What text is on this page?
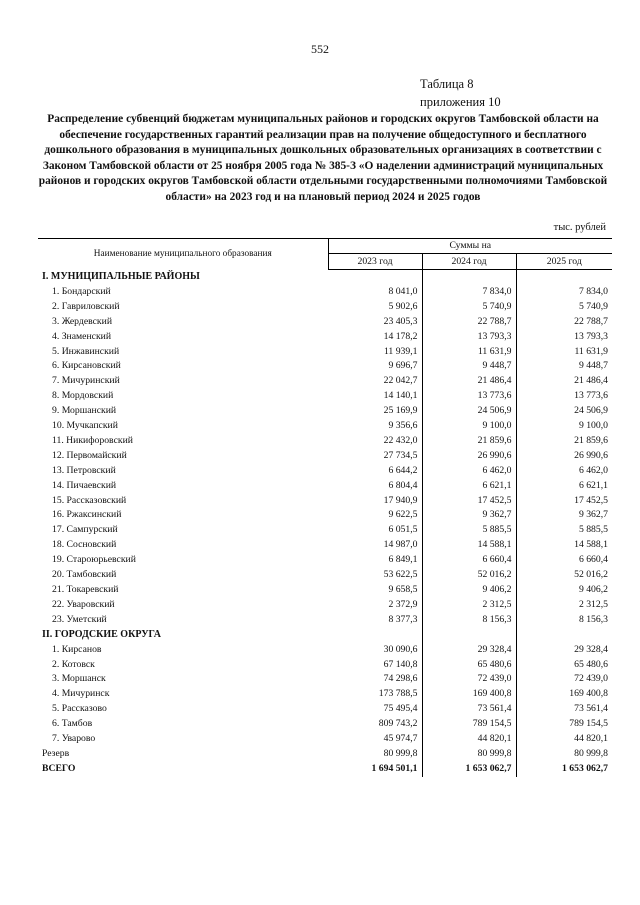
552
Таблица 8
приложения 10
Распределение субвенций бюджетам муниципальных районов и городских округов Тамбовской области на обеспечение государственных гарантий реализации прав на получение общедоступного и бесплатного дошкольного образования в муниципальных дошкольных образовательных организациях в соответствии с Законом Тамбовской области от 25 ноября 2005 года № 385-З «О наделении администраций муниципальных районов и городских округов Тамбовской области отдельными государственными полномочиями Тамбовской области» на 2023 год и на плановый период 2024 и 2025 годов
тыс. рублей
Наименование муниципального образования	Суммы на		
	2023 год	2024 год	2025 год
I. МУНИЦИПАЛЬНЫЕ РАЙОНЫ			
1. Бондарский	8 041,0	7 834,0	7 834,0
2. Гавриловский	5 902,6	5 740,9	5 740,9
3. Жердевский	23 405,3	22 788,7	22 788,7
4. Знаменский	14 178,2	13 793,3	13 793,3
5. Инжавинский	11 939,1	11 631,9	11 631,9
6. Кирсановский	9 696,7	9 448,7	9 448,7
7. Мичуринский	22 042,7	21 486,4	21 486,4
8. Мордовский	14 140,1	13 773,6	13 773,6
9. Моршанский	25 169,9	24 506,9	24 506,9
10. Мучкапский	9 356,6	9 100,0	9 100,0
11. Никифоровский	22 432,0	21 859,6	21 859,6
12. Первомайский	27 734,5	26 990,6	26 990,6
13. Петровский	6 644,2	6 462,0	6 462,0
14. Пичаевский	6 804,4	6 621,1	6 621,1
15. Рассказовский	17 940,9	17 452,5	17 452,5
16. Ржаксинский	9 622,5	9 362,7	9 362,7
17. Сампурский	6 051,5	5 885,5	5 885,5
18. Сосновский	14 987,0	14 588,1	14 588,1
19. Староюрьевский	6 849,1	6 660,4	6 660,4
20. Тамбовский	53 622,5	52 016,2	52 016,2
21. Токаревский	9 658,5	9 406,2	9 406,2
22. Уваровский	2 372,9	2 312,5	2 312,5
23. Уметский	8 377,3	8 156,3	8 156,3
II. ГОРОДСКИЕ ОКРУГА			
1. Кирсанов	30 090,6	29 328,4	29 328,4
2. Котовск	67 140,8	65 480,6	65 480,6
3. Моршанск	74 298,6	72 439,0	72 439,0
4. Мичуринск	173 788,5	169 400,8	169 400,8
5. Рассказово	75 495,4	73 561,4	73 561,4
6. Тамбов	809 743,2	789 154,5	789 154,5
7. Уварово	45 974,7	44 820,1	44 820,1
Резерв	80 999,8	80 999,8	80 999,8
ВСЕГО	1 694 501,1	1 653 062,7	1 653 062,7
